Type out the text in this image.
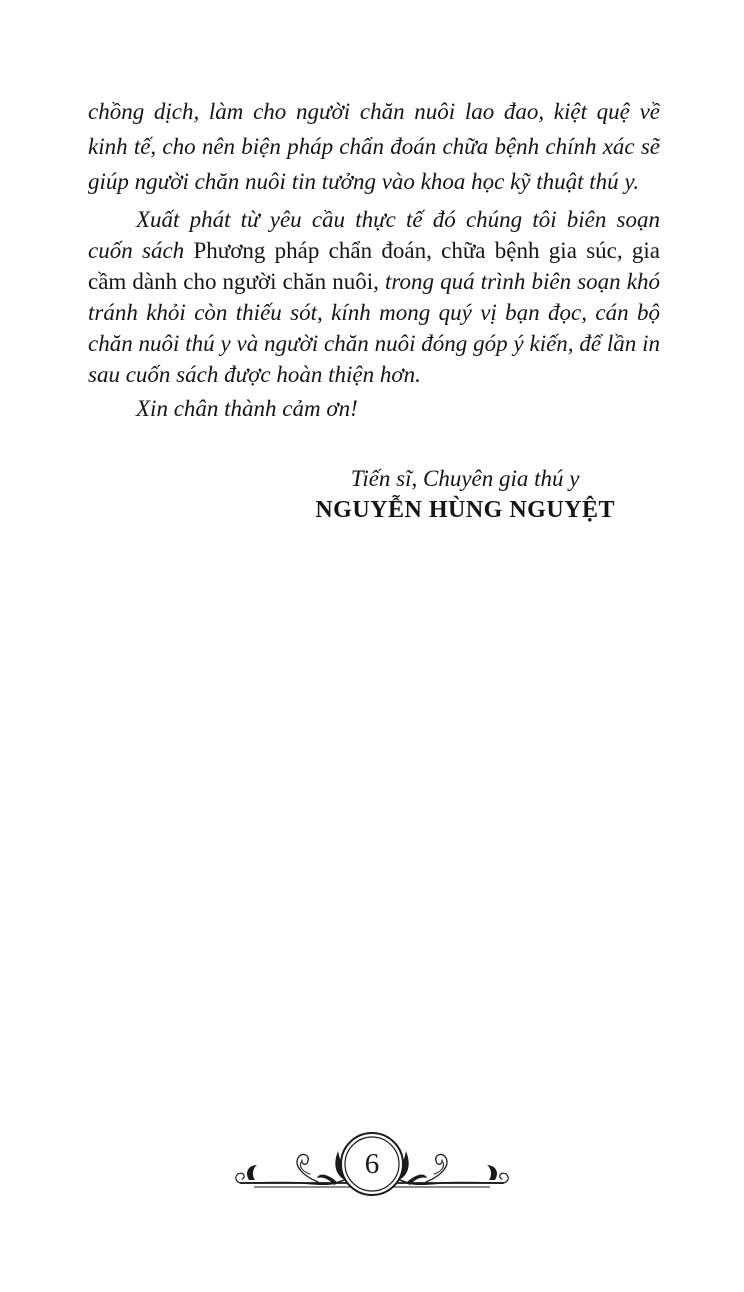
chồng dịch, làm cho người chăn nuôi lao đao, kiệt quệ về kinh tế, cho nên biện pháp chẩn đoán chữa bệnh chính xác sẽ giúp người chăn nuôi tin tưởng vào khoa học kỹ thuật thú y.

Xuất phát từ yêu cầu thực tế đó chúng tôi biên soạn cuốn sách Phương pháp chẩn đoán, chữa bệnh gia súc, gia cầm dành cho người chăn nuôi, trong quá trình biên soạn khó tránh khỏi còn thiếu sót, kính mong quý vị bạn đọc, cán bộ chăn nuôi thú y và người chăn nuôi đóng góp ý kiến, để lần in sau cuốn sách được hoàn thiện hơn.

Xin chân thành cảm ơn!

Tiến sĩ, Chuyên gia thú y
NGUYỄN HÙNG NGUYỆT
6
